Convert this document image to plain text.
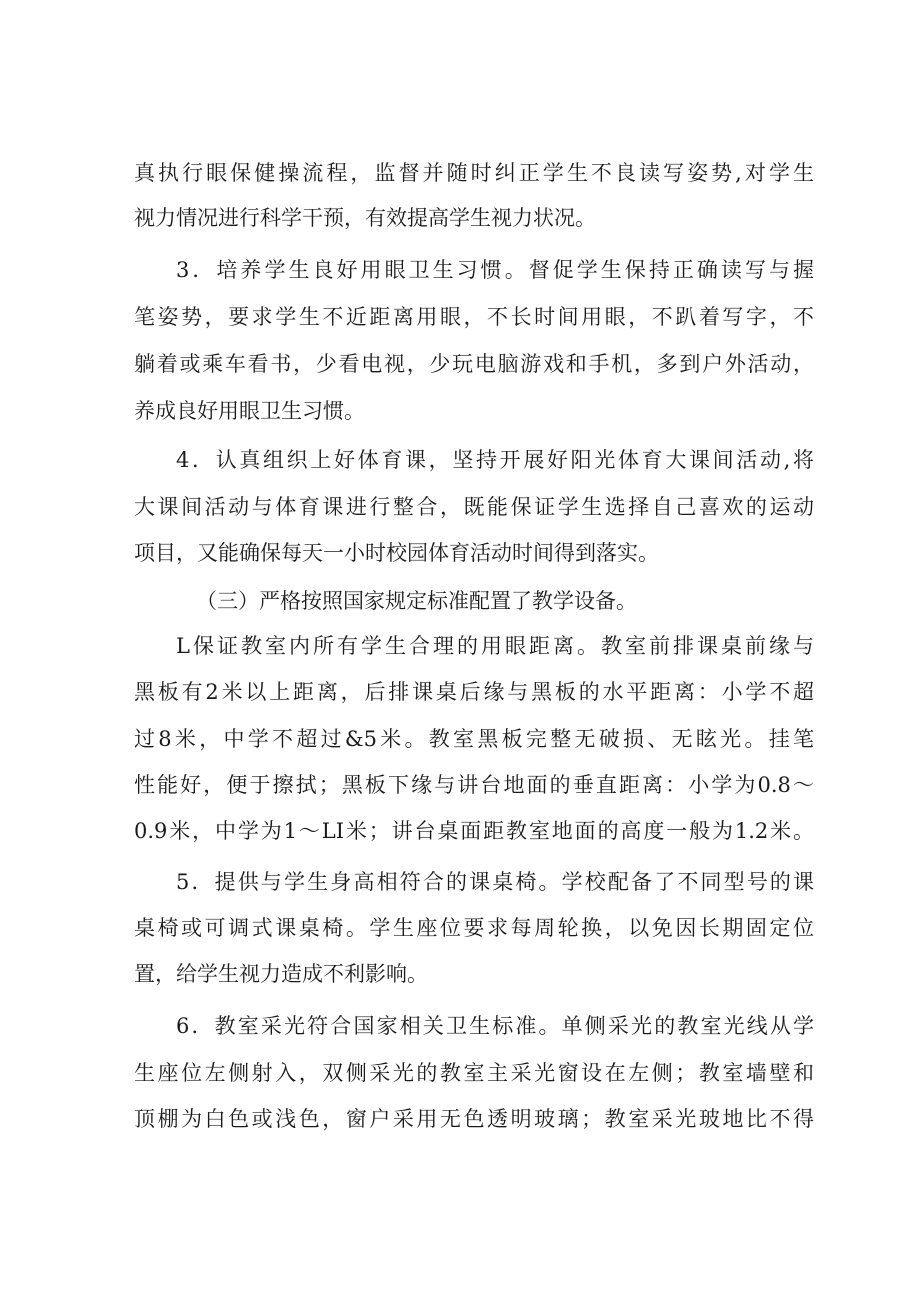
真执行眼保健操流程，监督并随时纠正学生不良读写姿势,对学生
视力情况进行科学干预，有效提高学生视力状况。
3．培养学生良好用眼卫生习惯。督促学生保持正确读写与握
笔姿势，要求学生不近距离用眼，不长时间用眼，不趴着写字，不
躺着或乘车看书，少看电视，少玩电脑游戏和手机，多到户外活动，
养成良好用眼卫生习惯。
4．认真组织上好体育课，坚持开展好阳光体育大课间活动,将
大课间活动与体育课进行整合，既能保证学生选择自己喜欢的运动
项目，又能确保每天一小时校园体育活动时间得到落实。
（三）严格按照国家规定标准配置了教学设备。
L保证教室内所有学生合理的用眼距离。教室前排课桌前缘与
黑板有2米以上距离，后排课桌后缘与黑板的水平距离：小学不超
过8米，中学不超过&5米。教室黑板完整无破损、无眩光。挂笔
性能好，便于擦拭；黑板下缘与讲台地面的垂直距离：小学为0.8～
0.9米，中学为1～LI米；讲台桌面距教室地面的高度一般为1.2米。
5．提供与学生身高相符合的课桌椅。学校配备了不同型号的课
桌椅或可调式课桌椅。学生座位要求每周轮换，以免因长期固定位
置，给学生视力造成不利影响。
6．教室采光符合国家相关卫生标准。单侧采光的教室光线从学
生座位左侧射入，双侧采光的教室主采光窗设在左侧；教室墙壁和
顶棚为白色或浅色，窗户采用无色透明玻璃；教室采光玻地比不得
